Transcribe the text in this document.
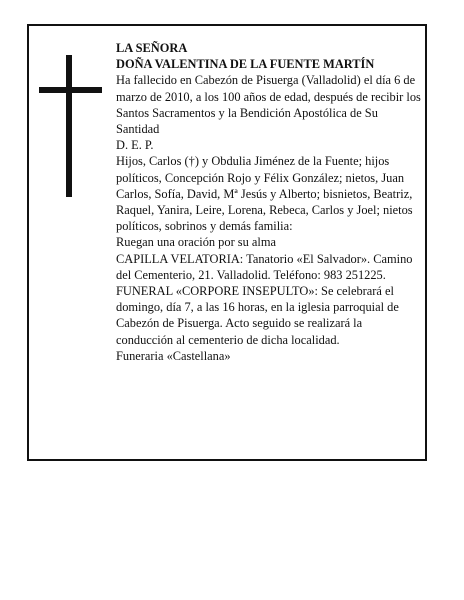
LA SEÑORA

DOÑA VALENTINA DE LA FUENTE MARTÍN

Ha fallecido en Cabezón de Pisuerga (Valladolid) el día 6 de marzo de 2010, a los 100 años de edad, después de recibir los Santos Sacramentos y la Bendición Apostólica de Su Santidad

D. E. P.

Hijos, Carlos (†) y Obdulia Jiménez de la Fuente; hijos políticos, Concepción Rojo y Félix González; nietos, Juan Carlos, Sofía, David, Mª Jesús y Alberto; bisnietos, Beatriz, Raquel, Yanira, Leire, Lorena, Rebeca, Carlos y Joel; nietos políticos, sobrinos y demás familia:

Ruegan una oración por su alma

CAPILLA VELATORIA: Tanatorio «El Salvador». Camino del Cementerio, 21. Valladolid. Teléfono: 983 251225.

FUNERAL «CORPORE INSEPULTO»: Se celebrará el domingo, día 7, a las 16 horas, en la iglesia parroquial de Cabezón de Pisuerga. Acto seguido se realizará la conducción al cementerio de dicha localidad.

Funeraria «Castellana»
